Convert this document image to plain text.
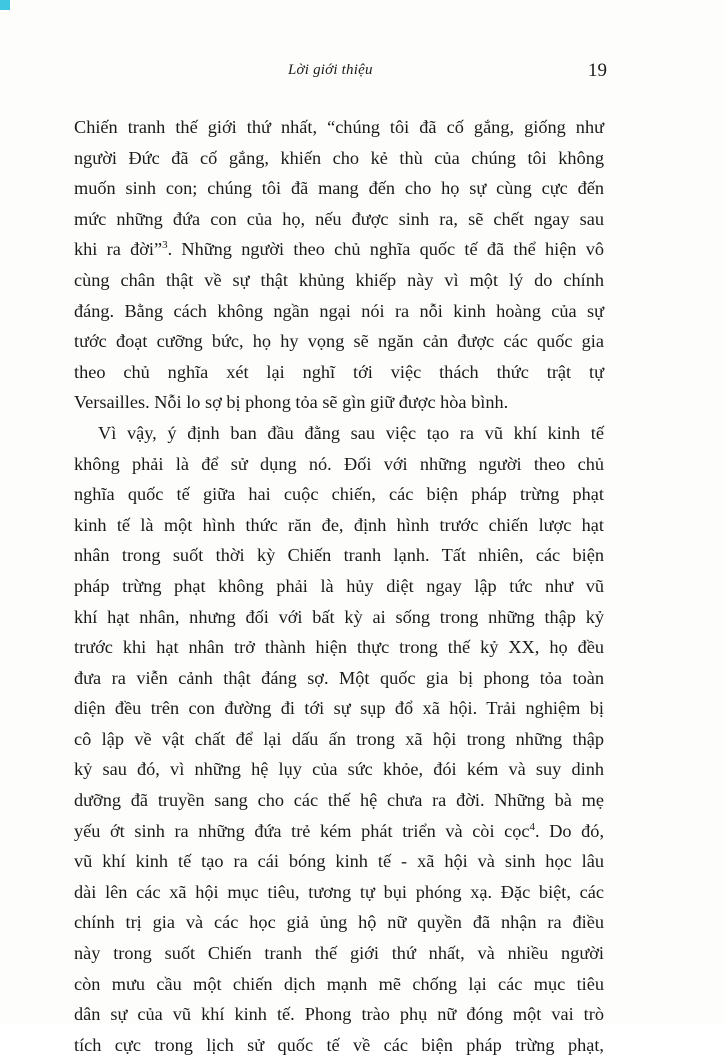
Lời giới thiệu	19
Chiến tranh thế giới thứ nhất, “chúng tôi đã cố gắng, giống như
người Đức đã cố gắng, khiến cho kẻ thù của chúng tôi không
muốn sinh con; chúng tôi đã mang đến cho họ sự cùng cực đến
mức những đứa con của họ, nếu được sinh ra, sẽ chết ngay sau
khi ra đời”$^3$. Những người theo chủ nghĩa quốc tế đã thể hiện vô
cùng chân thật về sự thật khủng khiếp này vì một lý do chính
đáng. Bằng cách không ngần ngại nói ra nỗi kinh hoàng của sự
tước đoạt cưỡng bức, họ hy vọng sẽ ngăn cản được các quốc gia
theo chủ nghĩa xét lại nghĩ tới việc thách thức trật tự
Versailles. Nỗi lo sợ bị phong tỏa sẽ gìn giữ được hòa bình.
Vì vậy, ý định ban đầu đằng sau việc tạo ra vũ khí kinh tế
không phải là để sử dụng nó. Đối với những người theo chủ
nghĩa quốc tế giữa hai cuộc chiến, các biện pháp trừng phạt
kinh tế là một hình thức răn đe, định hình trước chiến lược hạt
nhân trong suốt thời kỳ Chiến tranh lạnh. Tất nhiên, các biện
pháp trừng phạt không phải là hủy diệt ngay lập tức như vũ
khí hạt nhân, nhưng đối với bất kỳ ai sống trong những thập kỷ
trước khi hạt nhân trở thành hiện thực trong thế kỷ XX, họ đều
đưa ra viễn cảnh thật đáng sợ. Một quốc gia bị phong tỏa toàn
diện đều trên con đường đi tới sự sụp đổ xã hội. Trải nghiệm bị
cô lập về vật chất để lại dấu ấn trong xã hội trong những thập
kỷ sau đó, vì những hệ lụy của sức khỏe, đói kém và suy dinh
dưỡng đã truyền sang cho các thế hệ chưa ra đời. Những bà mẹ
yếu ớt sinh ra những đứa trẻ kém phát triển và còi cọc$^4$. Do đó,
vũ khí kinh tế tạo ra cái bóng kinh tế - xã hội và sinh học lâu
dài lên các xã hội mục tiêu, tương tự bụi phóng xạ. Đặc biệt, các
chính trị gia và các học giả ủng hộ nữ quyền đã nhận ra điều
này trong suốt Chiến tranh thế giới thứ nhất, và nhiều người
còn mưu cầu một chiến dịch mạnh mẽ chống lại các mục tiêu
dân sự của vũ khí kinh tế. Phong trào phụ nữ đóng một vai trò
tích cực trong lịch sử quốc tế về các biện pháp trừng phạt,
